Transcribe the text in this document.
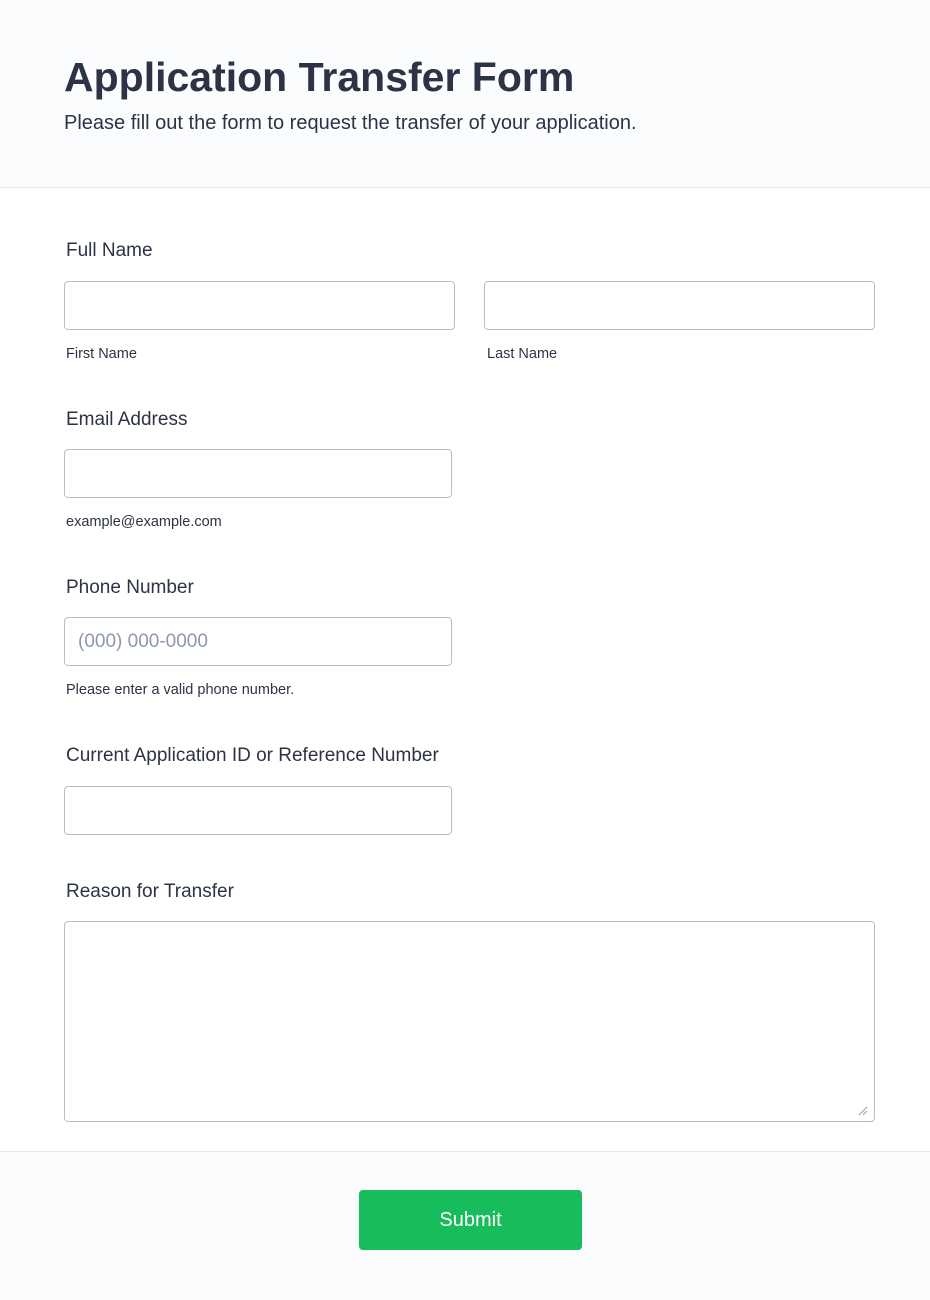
Application Transfer Form

Please fill out the form to request the transfer of your application.

Full Name
First Name	Last Name
Email Address
example@example.com
Phone Number
(000) 000-0000
Please enter a valid phone number.
Current Application ID or Reference Number
Reason for Transfer
Submit
